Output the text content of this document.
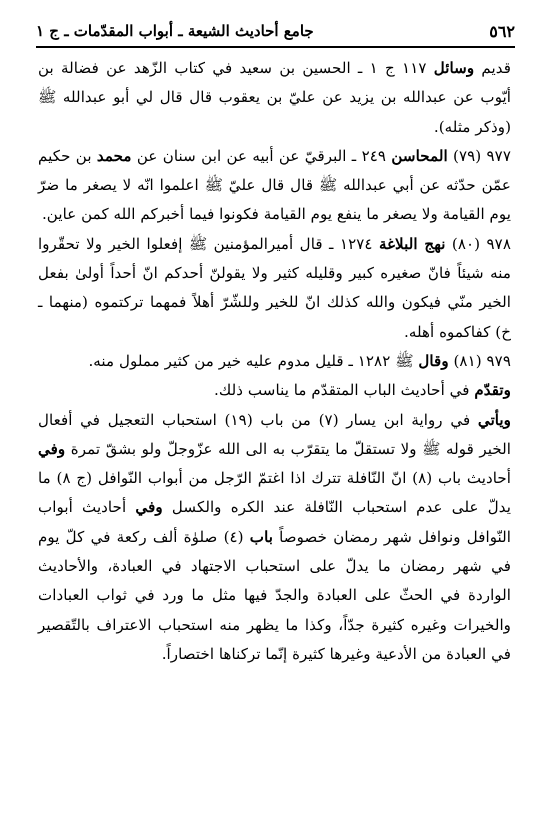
٥٦٢
جامع أحاديث الشيعة ـ أبواب المقدّمات ـ ج ١

قديم وسائل ١١٧ ج ١ ـ الحسين بن سعيد في كتاب الزّهد عن فضالة بن أيّوب عن عبدالله بن يزيد عن عليّ بن يعقوب قال قال لي أبو عبدالله ﷺ (وذكر مثله).

٩٧٧ (٧٩) المحاسن ٢٤٩ ـ البرقيّ عن أبيه عن ابن سنان عن محمد بن حكيم عمّن حدّثه عن أبي عبدالله ﷺ قال قال عليّ ﷺ اعلموا انّه لا يصغر ما ضرّ يوم القيامة ولا يصغر ما ينفع يوم القيامة فكونوا فيما أخبركم الله كمن عاين.

٩٧٨ (٨٠) نهج البلاغة ١٢٧٤ ـ قال أميرالمؤمنين ﷺ إفعلوا الخير ولا تحقّروا منه شيئاً فانّ صغيره كبير وقليله كثير ولا يقولنّ أحدكم انّ أحداً أولىٰ بفعل الخير منّي فيكون والله كذلك انّ للخير وللشّرّ أهلاً فمهما تركتموه (منهما ـ خ) كفاكموه أهله.

٩٧٩ (٨١) وقال ﷺ ١٢٨٢ ـ قليل مدوم عليه خير من كثير مملول منه.

وتقدّم في أحاديث الباب المتقدّم ما يناسب ذلك.

ويأتي في رواية ابن يسار (٧) من باب (١٩) استحباب التعجيل في أفعال الخير قوله ﷺ ولا تستقلّ ما يتقرّب به الى الله عزّوجلّ ولو بشقّ تمرة وفي أحاديث باب (٨) انّ النّافلة تترك اذا اغتمّ الرّجل من أبواب النّوافل (ج ٨) ما يدلّ على عدم استحباب النّافلة عند الكره والكسل وفي أحاديث أبواب النّوافل ونوافل شهر رمضان خصوصاً باب (٤) صلوٰة ألف ركعة في كلّ يوم في شهر رمضان ما يدلّ على استحباب الاجتهاد في العبادة، والأحاديث الواردة في الحثّ على العبادة والجدّ فيها مثل ما ورد في ثواب العبادات والخيرات وغيره كثيرة جدّاً، وكذا ما يظهر منه استحباب الاعتراف بالتّقصير في العبادة من الأدعية وغيرها كثيرة إنّما تركناها اختصاراً.
